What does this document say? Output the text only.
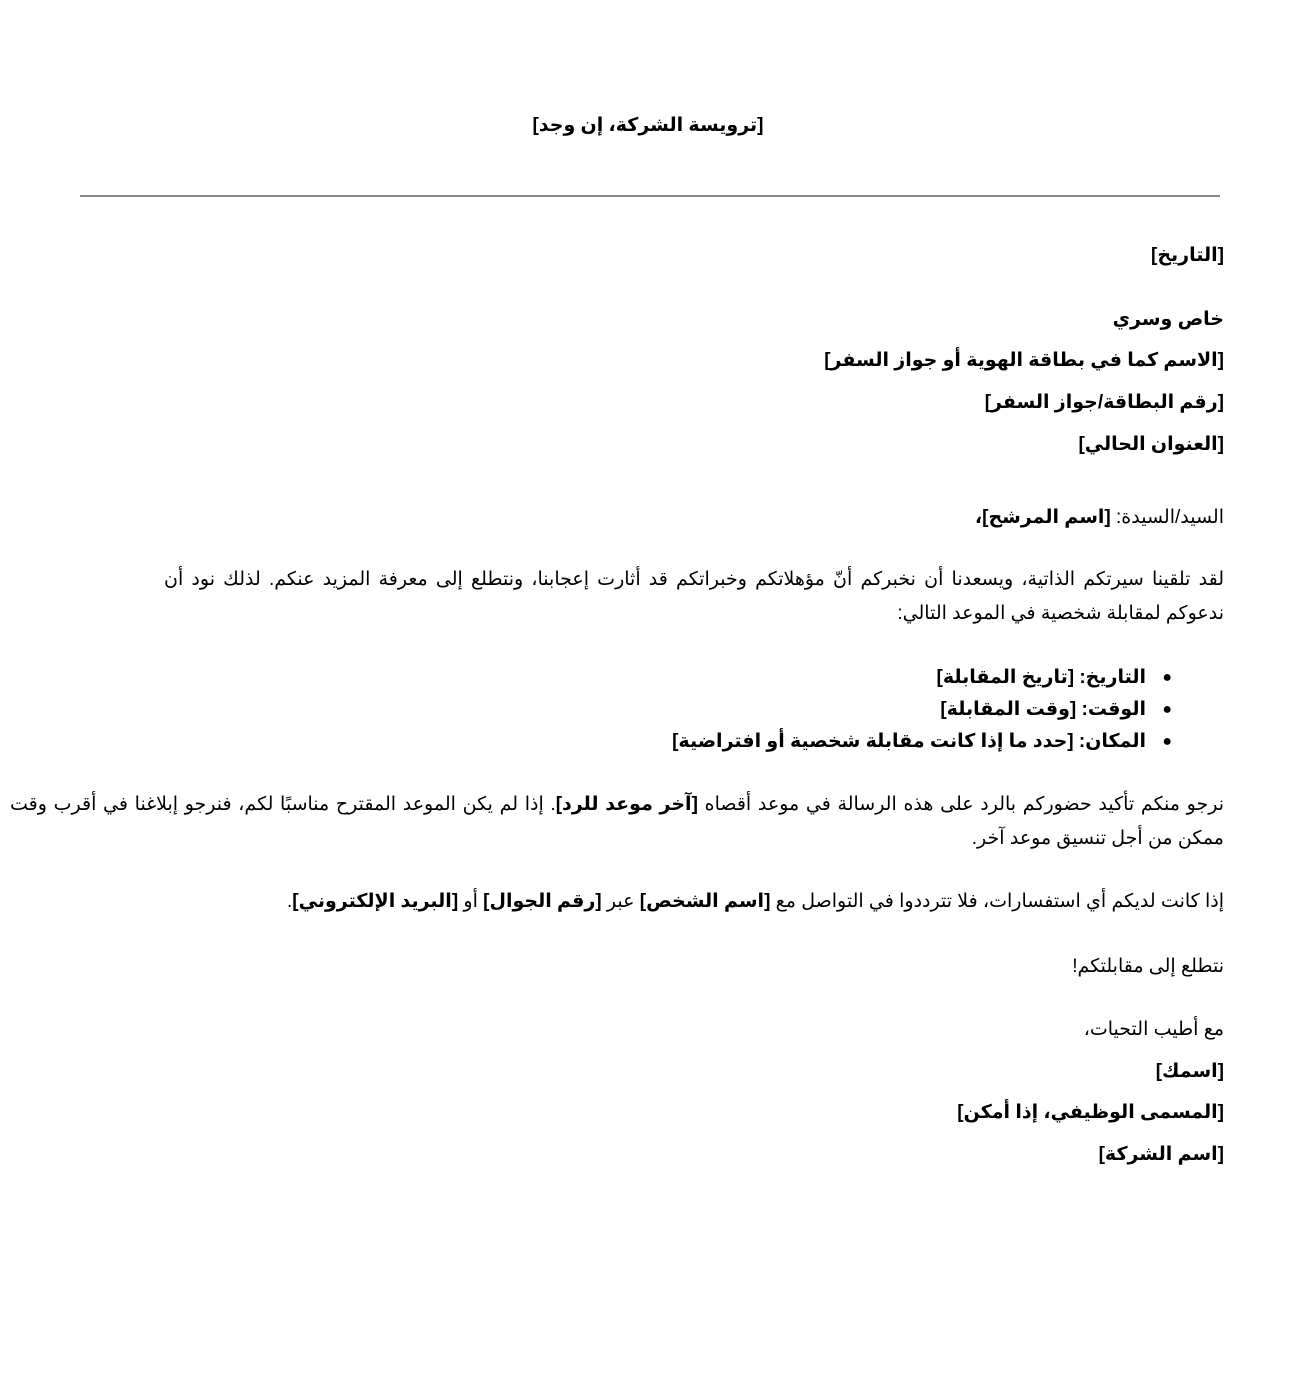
[ترويسة الشركة، إن وجد]
[التاريخ]
خاص وسري
[الاسم كما في بطاقة الهوية أو جواز السفر]
[رقم البطاقة/جواز السفر]
[العنوان الحالي]
السيد/السيدة: [اسم المرشح]،
لقد تلقينا سيرتكم الذاتية، ويسعدنا أن نخبركم أنّ مؤهلاتكم وخبراتكم قد أثارت إعجابنا، ونتطلع إلى معرفة المزيد عنكم. لذلك نود أن ندعوكم لمقابلة شخصية في الموعد التالي:
●
التاريخ: [تاريخ المقابلة]
●
الوقت: [وقت المقابلة]
●
المكان: [حدد ما إذا كانت مقابلة شخصية أو افتراضية]
نرجو منكم تأكيد حضوركم بالرد على هذه الرسالة في موعد أقصاه [آخر موعد للرد]. إذا لم يكن الموعد المقترح مناسبًا لكم، فنرجو إبلاغنا في أقرب وقت ممكن من أجل تنسيق موعد آخر.
إذا كانت لديكم أي استفسارات، فلا تترددوا في التواصل مع [اسم الشخص] عبر [رقم الجوال] أو [البريد الإلكتروني].
نتطلع إلى مقابلتكم!
مع أطيب التحيات،
[اسمك]
[المسمى الوظيفي، إذا أمكن]
[اسم الشركة]
